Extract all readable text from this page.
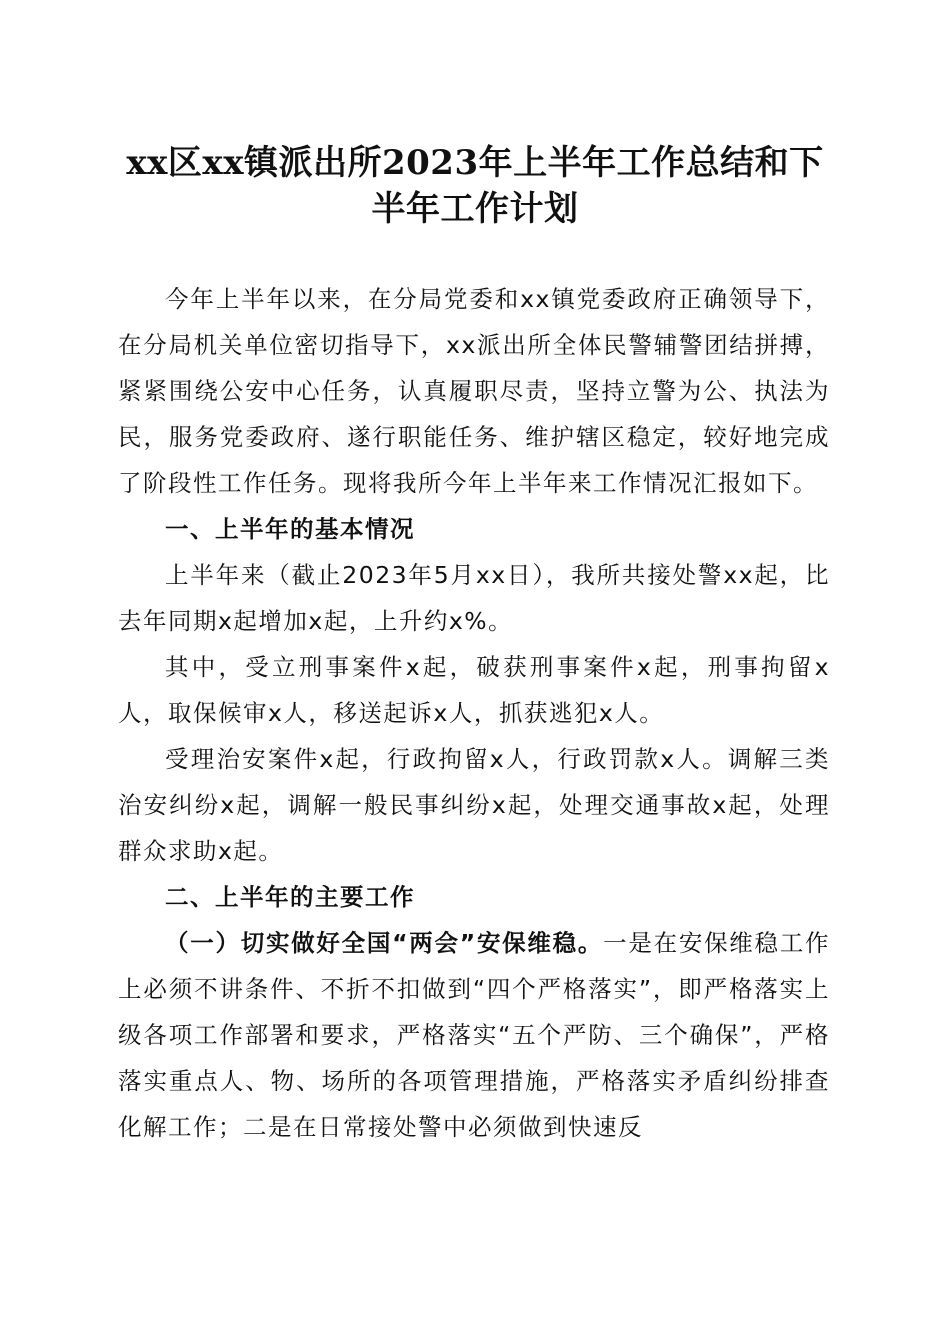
xx区xx镇派出所2023年上半年工作总结和下
半年工作计划

今年上半年以来，在分局党委和xx镇党委政府正确领导下，在分局机关单位密切指导下，xx派出所全体民警辅警团结拼搏，紧紧围绕公安中心任务，认真履职尽责，坚持立警为公、执法为民，服务党委政府、遂行职能任务、维护辖区稳定，较好地完成了阶段性工作任务。现将我所今年上半年来工作情况汇报如下。

一、上半年的基本情况

上半年来（截止2023年5月xx日），我所共接处警xx起，比去年同期x起增加x起，上升约x%。

其中，受立刑事案件x起，破获刑事案件x起，刑事拘留x人，取保候审x人，移送起诉x人，抓获逃犯x人。

受理治安案件x起，行政拘留x人，行政罚款x人。调解三类治安纠纷x起，调解一般民事纠纷x起，处理交通事故x起，处理群众求助x起。

二、上半年的主要工作

（一）切实做好全国“两会”安保维稳。一是在安保维稳工作上必须不讲条件、不折不扣做到“四个严格落实”，即严格落实上级各项工作部署和要求，严格落实“五个严防、三个确保”，严格落实重点人、物、场所的各项管理措施，严格落实矛盾纠纷排查化解工作；二是在日常接处警中必须做到快速反
